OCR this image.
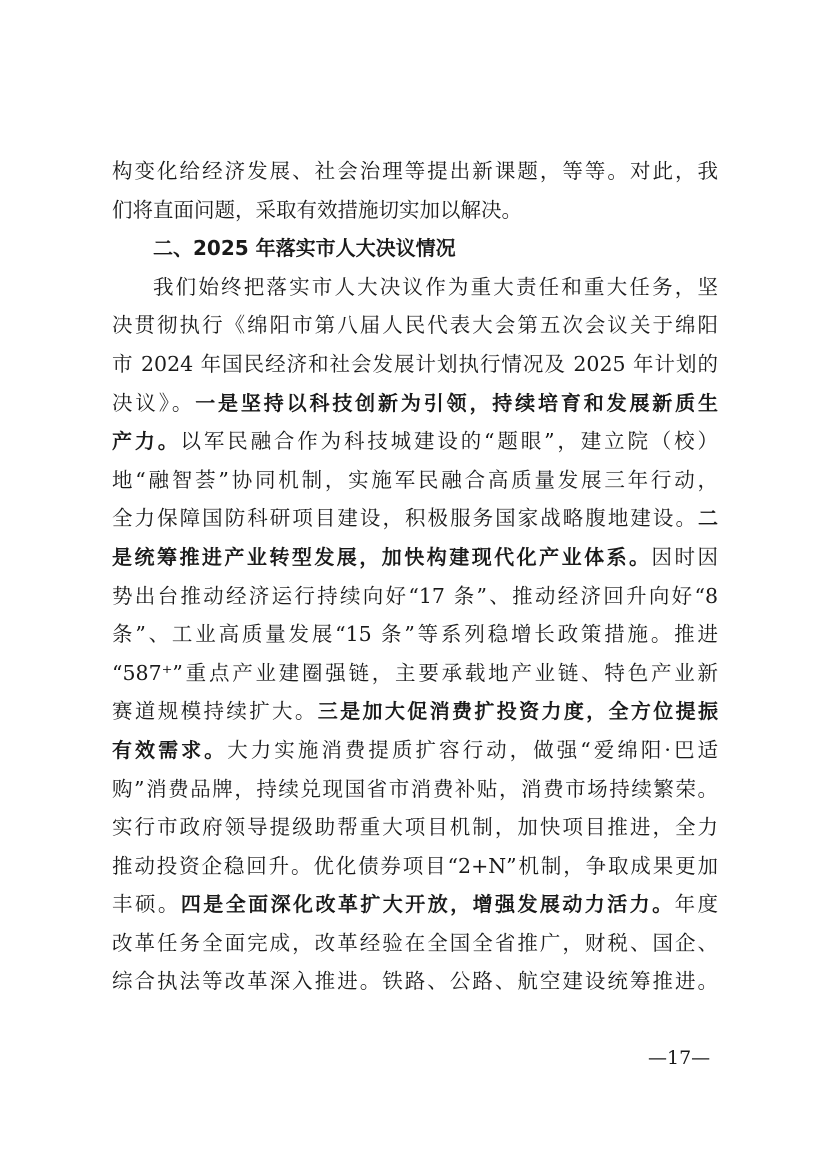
构变化给经济发展、社会治理等提出新课题，等等。对此，我
们将直面问题，采取有效措施切实加以解决。
二、2025 年落实市人大决议情况
我们始终把落实市人大决议作为重大责任和重大任务，坚
决贯彻执行《绵阳市第八届人民代表大会第五次会议关于绵阳
市 2024 年国民经济和社会发展计划执行情况及 2025 年计划的
决议》。一是坚持以科技创新为引领，持续培育和发展新质生
产力。以军民融合作为科技城建设的“题眼”，建立院（校）
地“融智荟”协同机制，实施军民融合高质量发展三年行动，
全力保障国防科研项目建设，积极服务国家战略腹地建设。二
是统筹推进产业转型发展，加快构建现代化产业体系。因时因
势出台推动经济运行持续向好“17 条”、推动经济回升向好“8
条”、工业高质量发展“15 条”等系列稳增长政策措施。推进
“587⁺”重点产业建圈强链，主要承载地产业链、特色产业新
赛道规模持续扩大。三是加大促消费扩投资力度，全方位提振
有效需求。大力实施消费提质扩容行动，做强“爱绵阳·巴适
购”消费品牌，持续兑现国省市消费补贴，消费市场持续繁荣。
实行市政府领导提级助帮重大项目机制，加快项目推进，全力
推动投资企稳回升。优化债券项目“2+N”机制，争取成果更加
丰硕。四是全面深化改革扩大开放，增强发展动力活力。年度
改革任务全面完成，改革经验在全国全省推广，财税、国企、
综合执法等改革深入推进。铁路、公路、航空建设统筹推进。
—17—
